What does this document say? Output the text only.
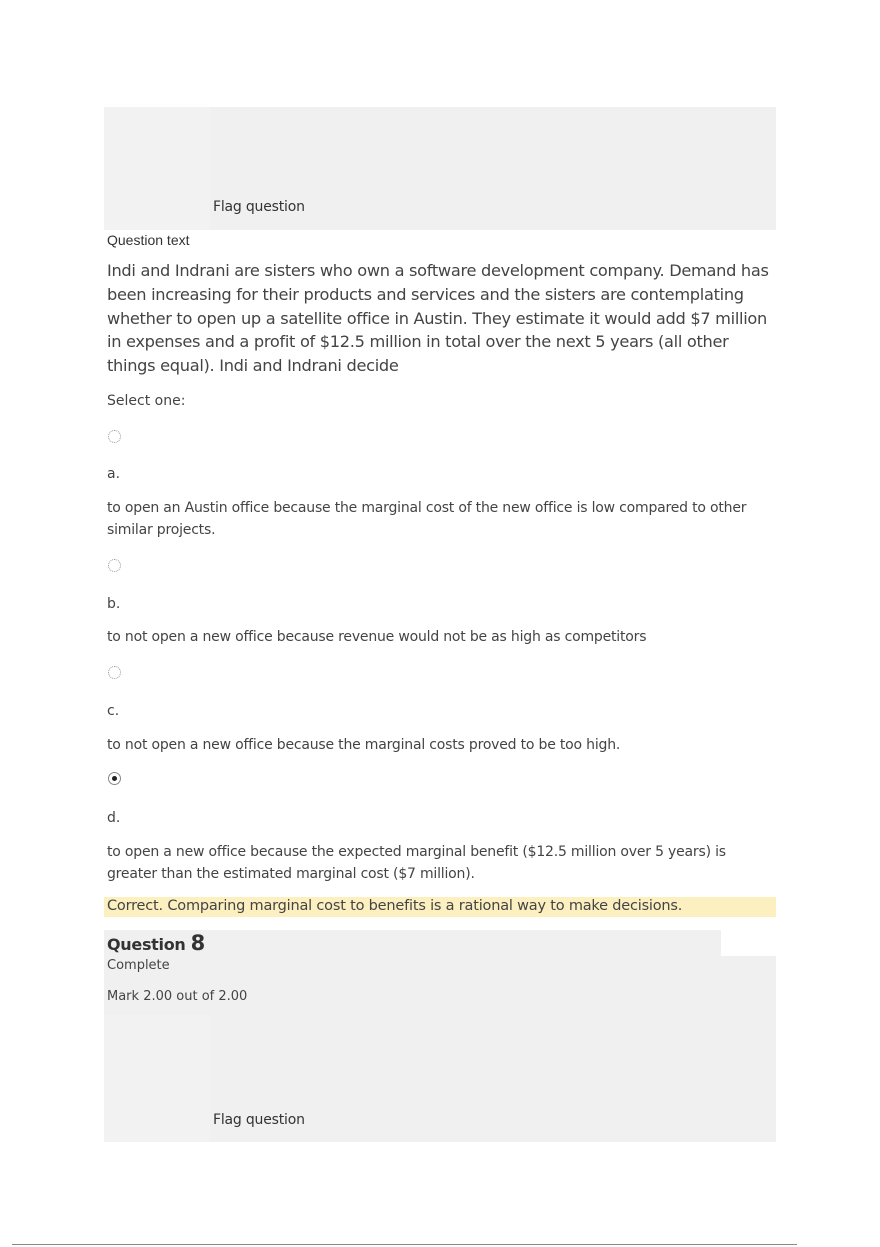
Flag question
Question text
Indi and Indrani are sisters who own a software development company. Demand has been increasing for their products and services and the sisters are contemplating whether to open up a satellite office in Austin. They estimate it would add $7 million in expenses and a profit of $12.5 million in total over the next 5 years (all other things equal). Indi and Indrani decide
Select one:
a.
to open an Austin office because the marginal cost of the new office is low compared to other similar projects.
b.
to not open a new office because revenue would not be as high as competitors
c.
to not open a new office because the marginal costs proved to be too high.
d.
to open a new office because the expected marginal benefit ($12.5 million over 5 years) is greater than the estimated marginal cost ($7 million).
Correct. Comparing marginal cost to benefits is a rational way to make decisions.
Question 8
Complete
Mark 2.00 out of 2.00
Flag question
